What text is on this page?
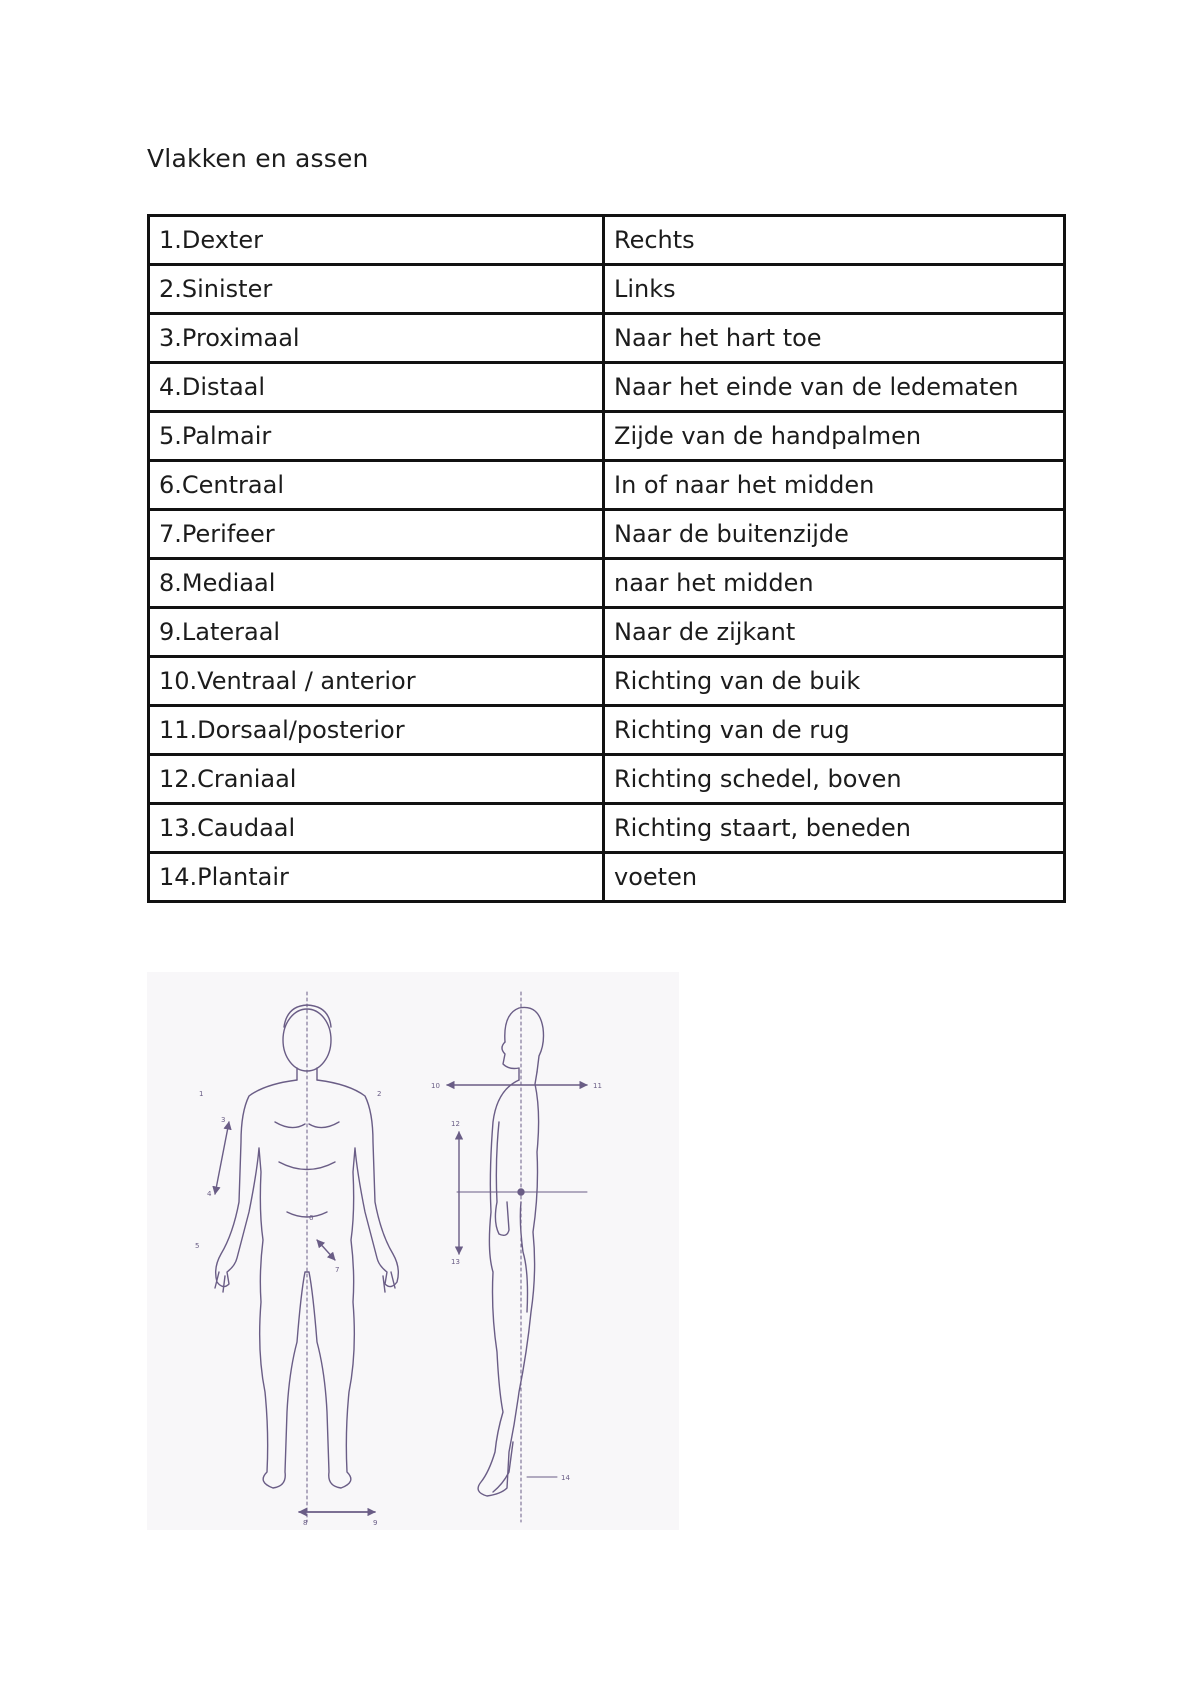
Vlakken en assen
1.Dexter	Rechts
2.Sinister	Links
3.Proximaal	Naar het hart toe
4.Distaal	Naar het einde van de ledematen
5.Palmair	Zijde van de handpalmen
6.Centraal	In of naar het midden
7.Perifeer	Naar de buitenzijde
8.Mediaal	naar het midden
9.Lateraal	Naar de zijkant
10.Ventraal / anterior	Richting van de buik
11.Dorsaal/posterior	Richting van de rug
12.Craniaal	Richting schedel, boven
13.Caudaal	Richting staart, beneden
14.Plantair	voeten
1	2
3
4
5
6
7
8	9
10	11
12
13
14
